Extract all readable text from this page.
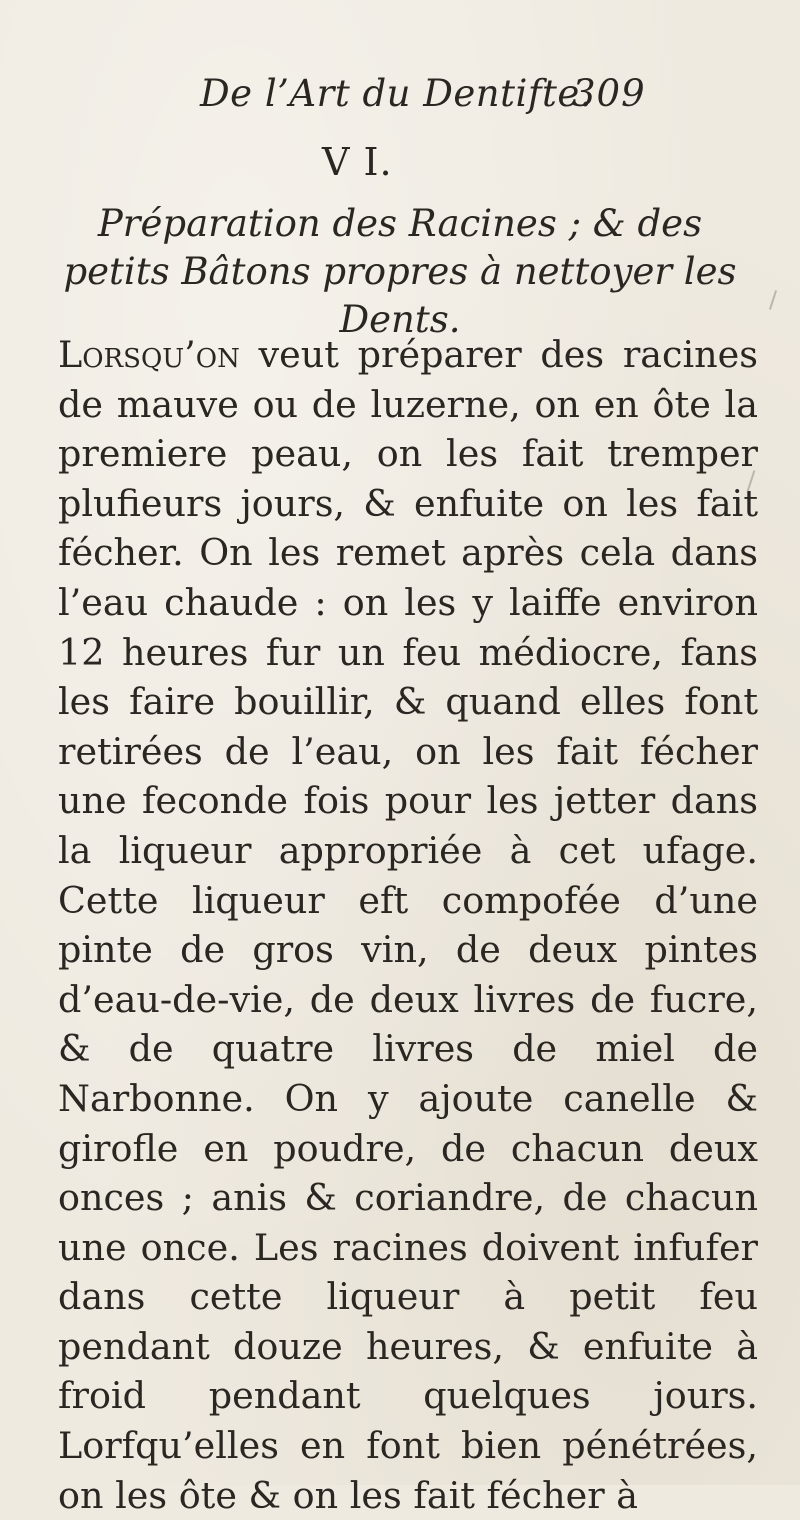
De l’Art du Dentifte.
309
V I.
Préparation des Racines ; & des petits Bâtons propres à nettoyer les Dents.
Lorsqu’on veut préparer des racines de mauve ou de luzerne, on en ôte la premiere peau, on les fait tremper plufieurs jours, & enfuite on les fait fécher. On les remet après cela dans l’eau chaude : on les y laiffe environ 12 heures fur un feu médiocre, fans les faire bouillir, & quand elles font retirées de l’eau, on les fait fécher une feconde fois pour les jetter dans la liqueur appropriée à cet ufage. Cette liqueur eft compofée d’une pinte de gros vin, de deux pintes d’eau-de-vie, de deux livres de fucre, & de quatre livres de miel de Narbonne. On y ajoute canelle & girofle en poudre, de chacun deux onces ; anis & coriandre, de chacun une once. Les racines doivent infufer dans cette liqueur à petit feu pendant douze heures, & enfuite à froid pendant quelques jours. Lorfqu’elles en font bien pénétrées, on les ôte & on les fait fécher à
